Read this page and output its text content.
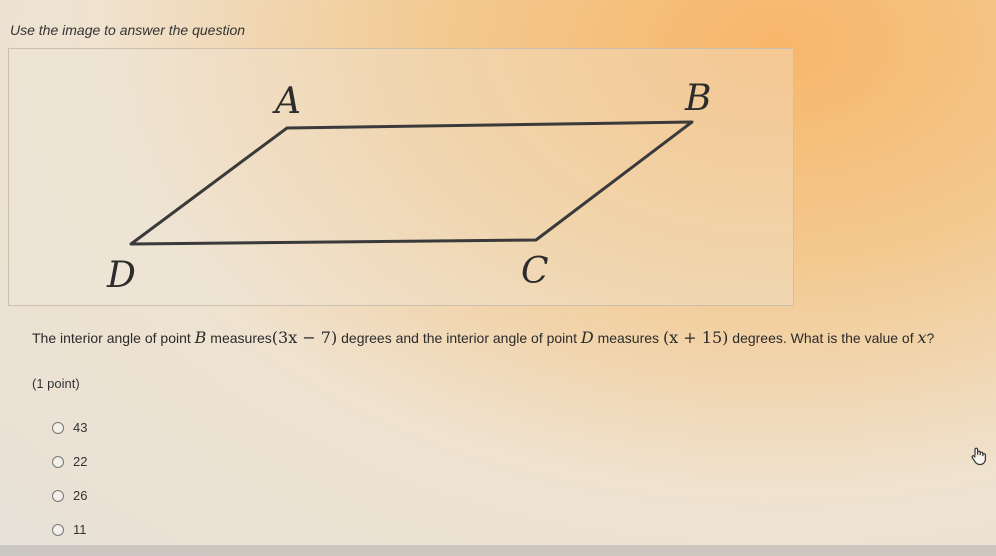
Use the image to answer the question
A	B
C
D
The interior angle of point B measures(3x − 7) degrees and the interior angle of point D measures (x + 15) degrees. What is the value of x?
(1 point)
43
22
26
11
